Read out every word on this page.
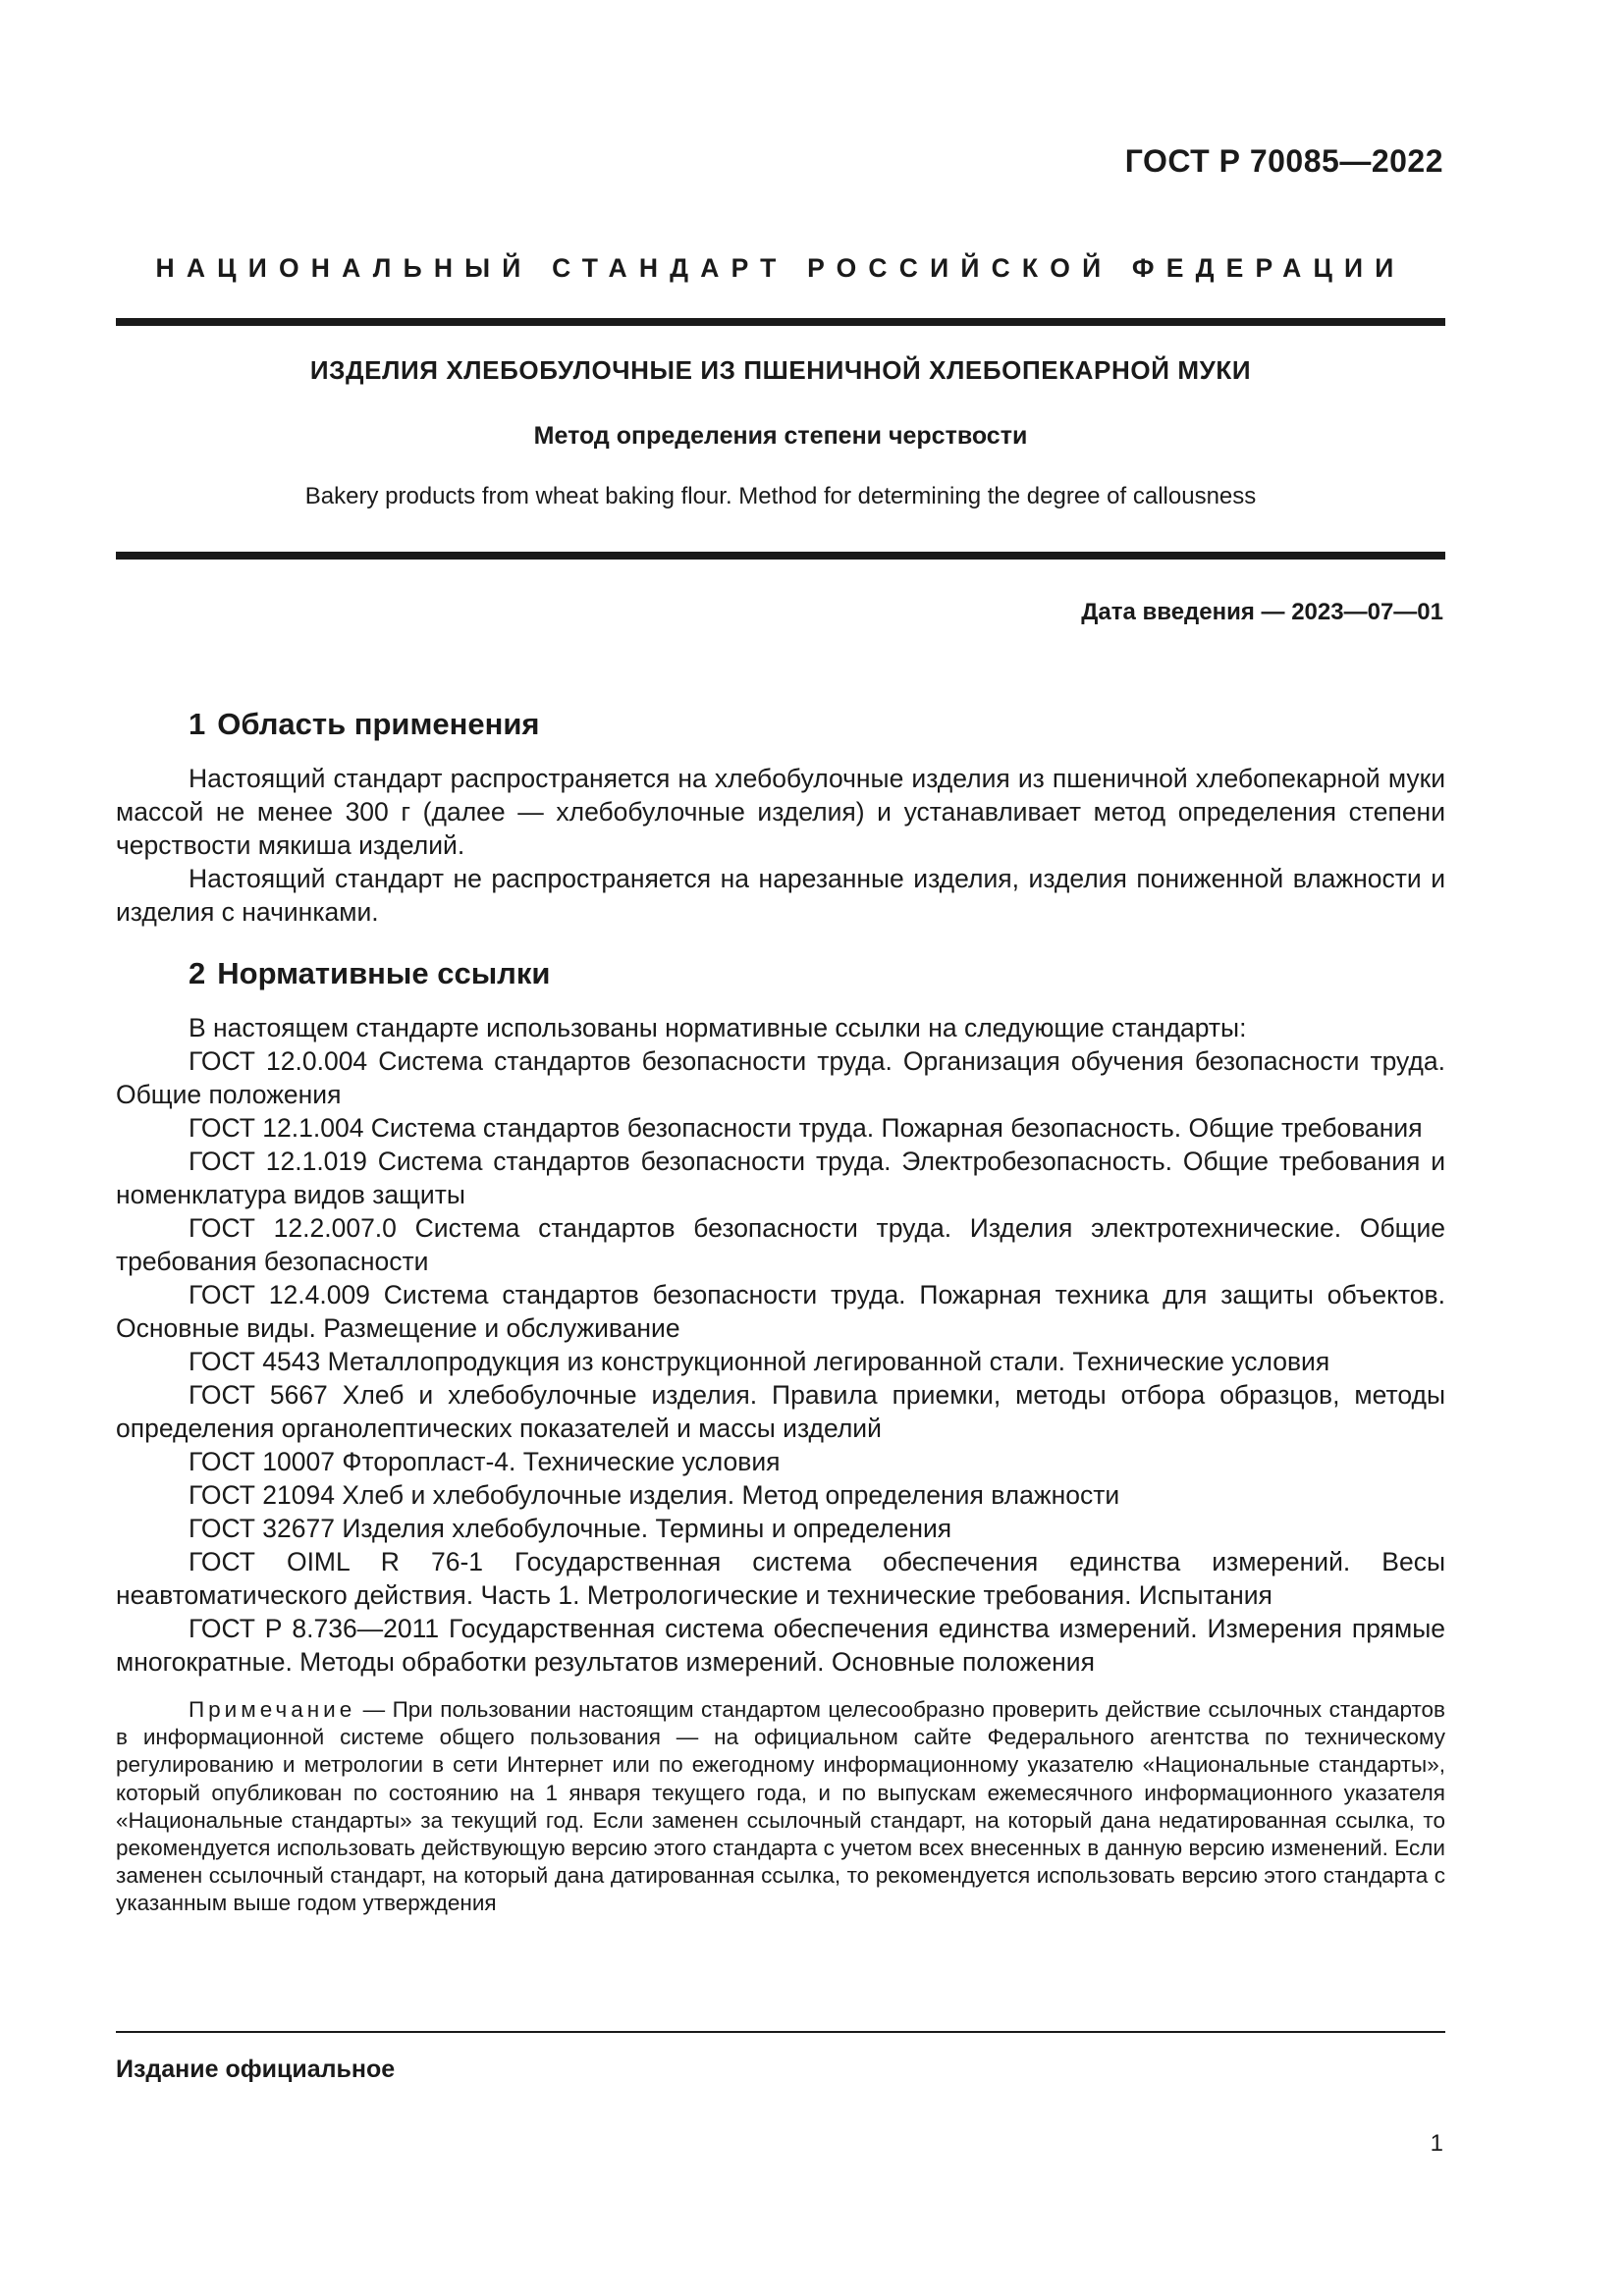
ГОСТ Р 70085—2022
НАЦИОНАЛЬНЫЙ СТАНДАРТ РОССИЙСКОЙ ФЕДЕРАЦИИ
ИЗДЕЛИЯ ХЛЕБОБУЛОЧНЫЕ ИЗ ПШЕНИЧНОЙ ХЛЕБОПЕКАРНОЙ МУКИ
Метод определения степени черствости
Bakery products from wheat baking flour. Method for determining the degree of callousness
Дата введения — 2023—07—01
1 Область применения

Настоящий стандарт распространяется на хлебобулочные изделия из пшеничной хлебопекарной муки массой не менее 300 г (далее — хлебобулочные изделия) и устанавливает метод определения степени черствости мякиша изделий.

Настоящий стандарт не распространяется на нарезанные изделия, изделия пониженной влажности и изделия с начинками.

2 Нормативные ссылки

В настоящем стандарте использованы нормативные ссылки на следующие стандарты:

ГОСТ 12.0.004 Система стандартов безопасности труда. Организация обучения безопасности труда. Общие положения

ГОСТ 12.1.004 Система стандартов безопасности труда. Пожарная безопасность. Общие требования

ГОСТ 12.1.019 Система стандартов безопасности труда. Электробезопасность. Общие требования и номенклатура видов защиты

ГОСТ 12.2.007.0 Система стандартов безопасности труда. Изделия электротехнические. Общие требования безопасности

ГОСТ 12.4.009 Система стандартов безопасности труда. Пожарная техника для защиты объектов. Основные виды. Размещение и обслуживание

ГОСТ 4543 Металлопродукция из конструкционной легированной стали. Технические условия

ГОСТ 5667 Хлеб и хлебобулочные изделия. Правила приемки, методы отбора образцов, методы определения органолептических показателей и массы изделий

ГОСТ 10007 Фторопласт-4. Технические условия

ГОСТ 21094 Хлеб и хлебобулочные изделия. Метод определения влажности

ГОСТ 32677 Изделия хлебобулочные. Термины и определения

ГОСТ OIML R 76-1 Государственная система обеспечения единства измерений. Весы неавтоматического действия. Часть 1. Метрологические и технические требования. Испытания

ГОСТ Р 8.736—2011 Государственная система обеспечения единства измерений. Измерения прямые многократные. Методы обработки результатов измерений. Основные положения

Примечание — При пользовании настоящим стандартом целесообразно проверить действие ссылочных стандартов в информационной системе общего пользования — на официальном сайте Федерального агентства по техническому регулированию и метрологии в сети Интернет или по ежегодному информационному указателю «Национальные стандарты», который опубликован по состоянию на 1 января текущего года, и по выпускам ежемесячного информационного указателя «Национальные стандарты» за текущий год. Если заменен ссылочный стандарт, на который дана недатированная ссылка, то рекомендуется использовать действующую версию этого стандарта с учетом всех внесенных в данную версию изменений. Если заменен ссылочный стандарт, на который дана датированная ссылка, то рекомендуется использовать версию этого стандарта с указанным выше годом утверждения
Издание официальное
1
